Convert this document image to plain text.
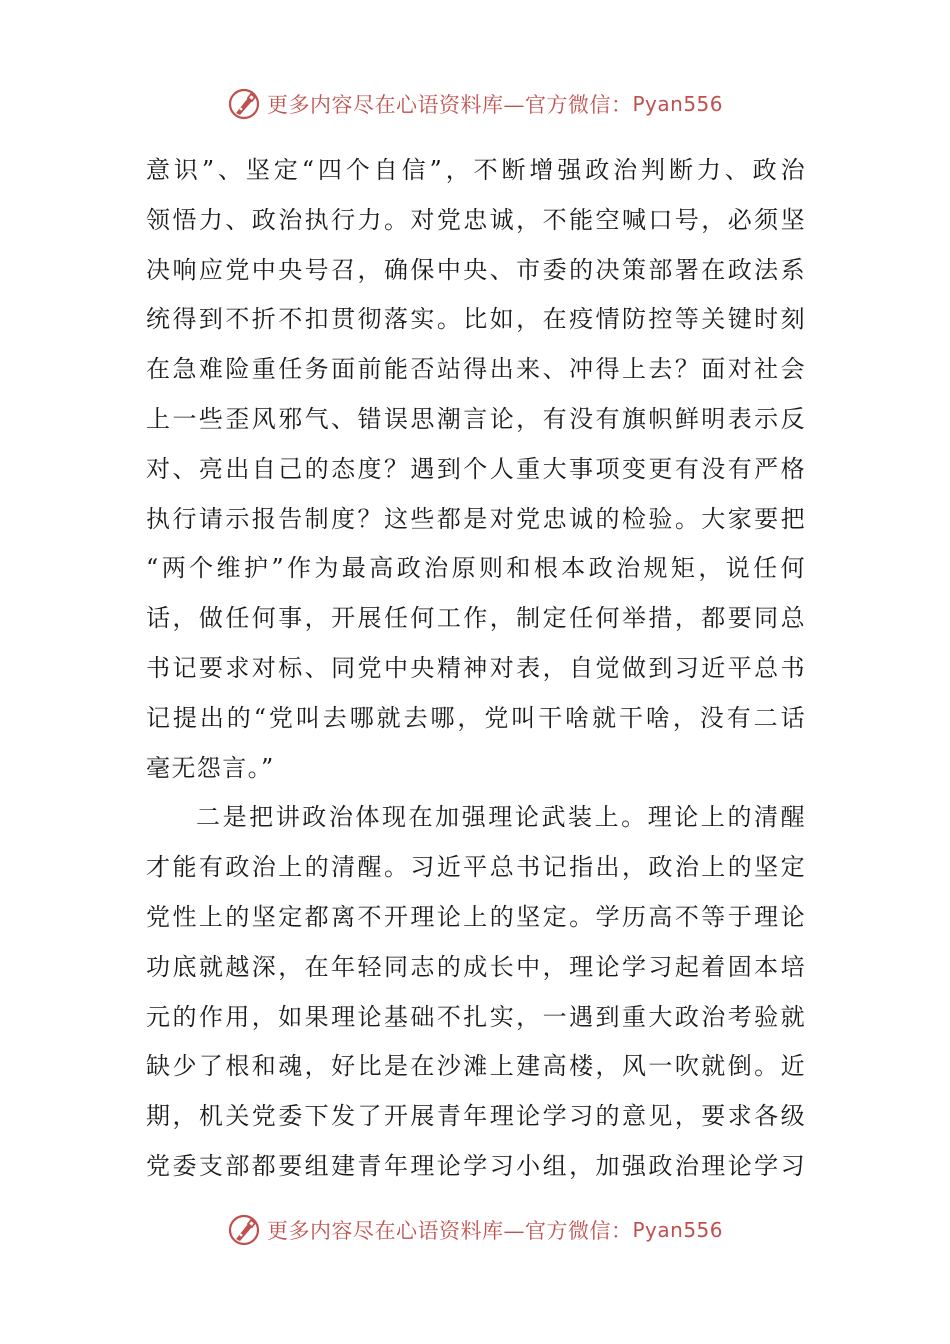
更多内容尽在心语资料库—官方微信： Pyan556
意识”、坚定“四个自信”，不断增强政治判断力、政治
领悟力、政治执行力。对党忠诚，不能空喊口号，必须坚
决响应党中央号召，确保中央、市委的决策部署在政法系
统得到不折不扣贯彻落实。比如，在疫情防控等关键时刻
在急难险重任务面前能否站得出来、冲得上去？面对社会
上一些歪风邪气、错误思潮言论，有没有旗帜鲜明表示反
对、亮出自己的态度？遇到个人重大事项变更有没有严格
执行请示报告制度？这些都是对党忠诚的检验。大家要把
“两个维护”作为最高政治原则和根本政治规矩，说任何
话，做任何事，开展任何工作，制定任何举措，都要同总
书记要求对标、同党中央精神对表，自觉做到习近平总书
记提出的“党叫去哪就去哪，党叫干啥就干啥，没有二话
毫无怨言。”
二是把讲政治体现在加强理论武装上。理论上的清醒
才能有政治上的清醒。习近平总书记指出，政治上的坚定
党性上的坚定都离不开理论上的坚定。学历高不等于理论
功底就越深，在年轻同志的成长中，理论学习起着固本培
元的作用，如果理论基础不扎实，一遇到重大政治考验就
缺少了根和魂，好比是在沙滩上建高楼，风一吹就倒。近
期，机关党委下发了开展青年理论学习的意见，要求各级
党委支部都要组建青年理论学习小组，加强政治理论学习
更多内容尽在心语资料库—官方微信： Pyan556
